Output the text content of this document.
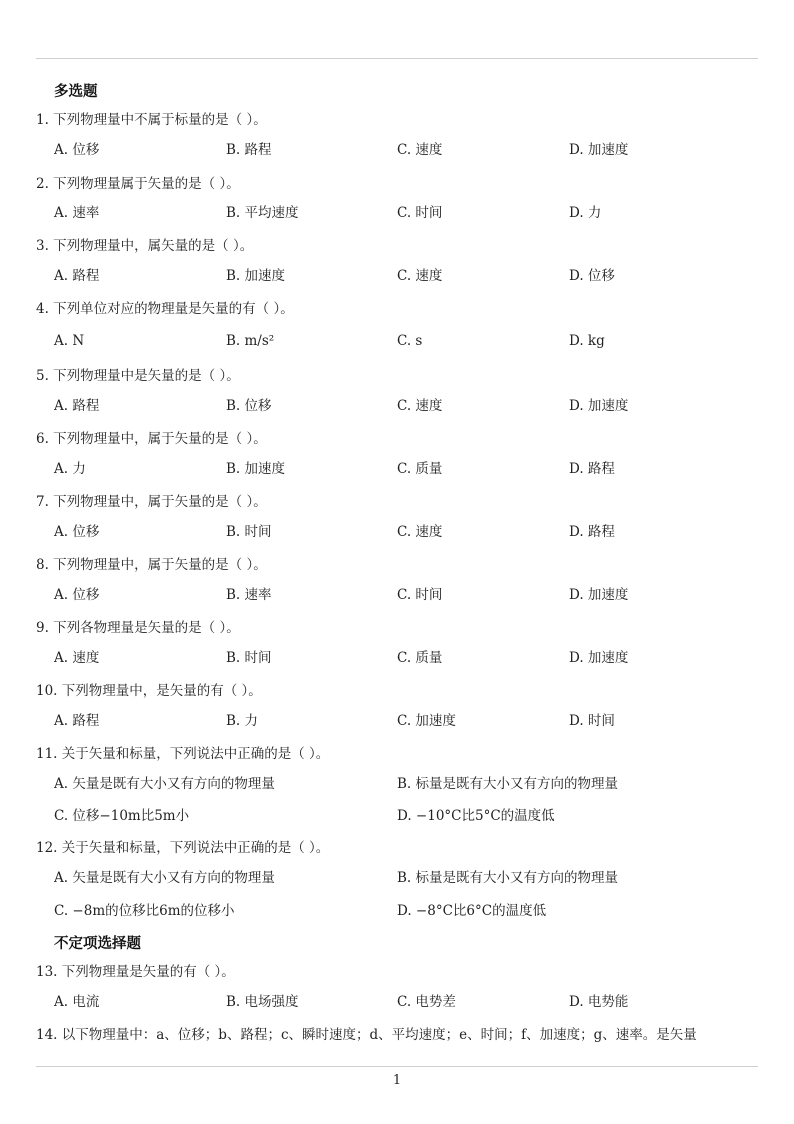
多选题
1. 下列物理量中不属于标量的是（ ）。
A. 位移	B. 路程	C. 速度	D. 加速度
2. 下列物理量属于矢量的是（ ）。
A. 速率	B. 平均速度	C. 时间	D. 力
3. 下列物理量中，属矢量的是（ ）。
A. 路程	B. 加速度	C. 速度	D. 位移
4. 下列单位对应的物理量是矢量的有（ ）。
A. N	B. m/s²	C. s	D. kg
5. 下列物理量中是矢量的是（ ）。
A. 路程	B. 位移	C. 速度	D. 加速度
6. 下列物理量中，属于矢量的是（ ）。
A. 力	B. 加速度	C. 质量	D. 路程
7. 下列物理量中，属于矢量的是（ ）。
A. 位移	B. 时间	C. 速度	D. 路程
8. 下列物理量中，属于矢量的是（ ）。
A. 位移	B. 速率	C. 时间	D. 加速度
9. 下列各物理量是矢量的是（ ）。
A. 速度	B. 时间	C. 质量	D. 加速度
10. 下列物理量中，是矢量的有（ ）。
A. 路程	B. 力	C. 加速度	D. 时间
11. 关于矢量和标量，下列说法中正确的是（ ）。
A. 矢量是既有大小又有方向的物理量	B. 标量是既有大小又有方向的物理量
C. 位移−10m比5m小	D. −10°C比5°C的温度低
12. 关于矢量和标量，下列说法中正确的是（ ）。
A. 矢量是既有大小又有方向的物理量	B. 标量是既有大小又有方向的物理量
C. −8m的位移比6m的位移小	D. −8°C比6°C的温度低
不定项选择题
13. 下列物理量是矢量的有（ ）。
A. 电流	B. 电场强度	C. 电势差	D. 电势能
14. 以下物理量中：a、位移；b、路程；c、瞬时速度；d、平均速度；e、时间；f、加速度；g、速率。是矢量
1
